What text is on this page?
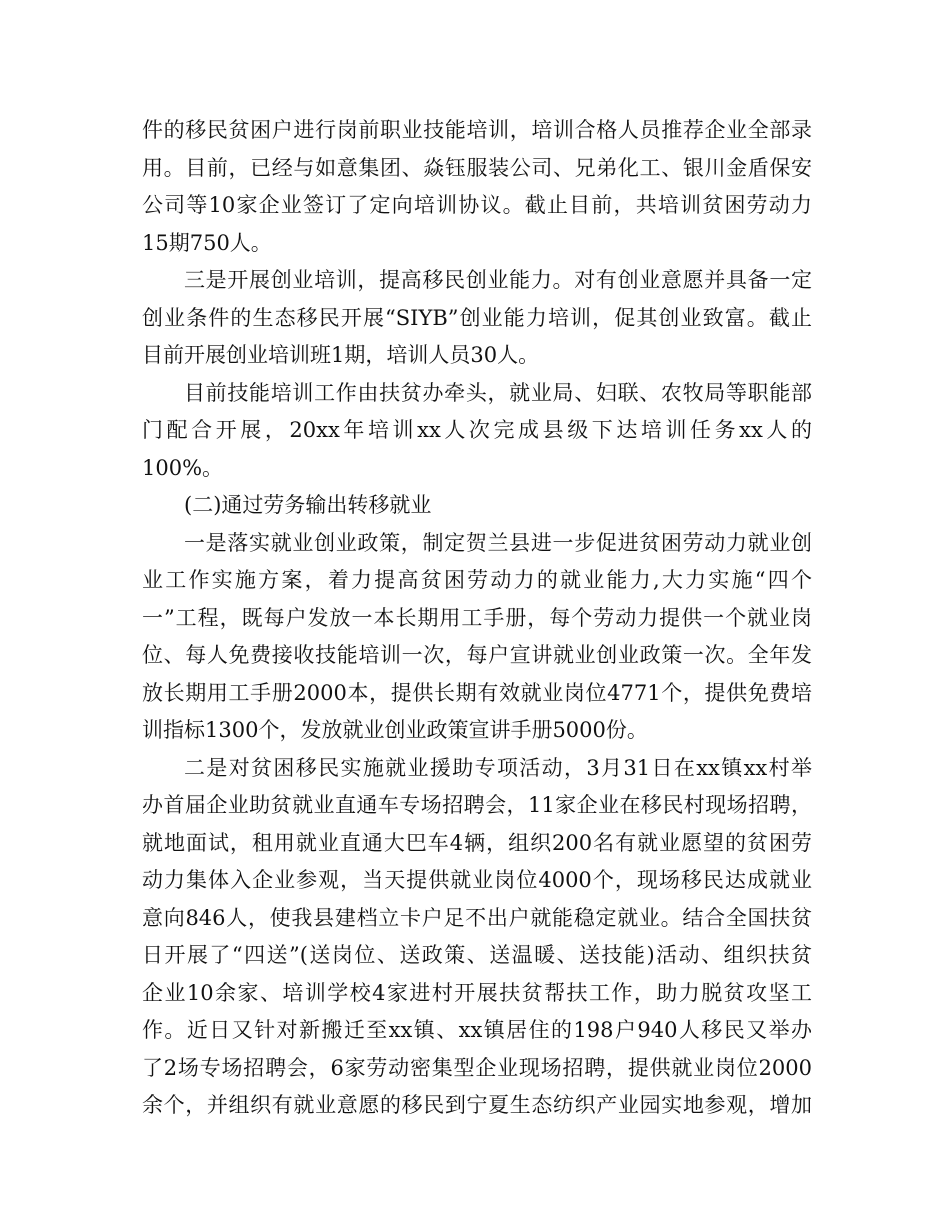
件的移民贫困户进行岗前职业技能培训，培训合格人员推荐企业全部录
用。目前，已经与如意集团、焱钰服装公司、兄弟化工、银川金盾保安
公司等10家企业签订了定向培训协议。截止目前，共培训贫困劳动力
15期750人。
三是开展创业培训，提高移民创业能力。对有创业意愿并具备一定
创业条件的生态移民开展“SIYB”创业能力培训，促其创业致富。截止
目前开展创业培训班1期，培训人员30人。
目前技能培训工作由扶贫办牵头，就业局、妇联、农牧局等职能部
门配合开展，20xx年培训xx人次完成县级下达培训任务xx人的
100%。
(二)通过劳务输出转移就业
一是落实就业创业政策，制定贺兰县进一步促进贫困劳动力就业创
业工作实施方案，着力提高贫困劳动力的就业能力,大力实施“四个
一”工程，既每户发放一本长期用工手册，每个劳动力提供一个就业岗
位、每人免费接收技能培训一次，每户宣讲就业创业政策一次。全年发
放长期用工手册2000本，提供长期有效就业岗位4771个，提供免费培
训指标1300个，发放就业创业政策宣讲手册5000份。
二是对贫困移民实施就业援助专项活动，3月31日在xx镇xx村举
办首届企业助贫就业直通车专场招聘会，11家企业在移民村现场招聘，
就地面试，租用就业直通大巴车4辆，组织200名有就业愿望的贫困劳
动力集体入企业参观，当天提供就业岗位4000个，现场移民达成就业
意向846人，使我县建档立卡户足不出户就能稳定就业。结合全国扶贫
日开展了“四送”(送岗位、送政策、送温暖、送技能)活动、组织扶贫
企业10余家、培训学校4家进村开展扶贫帮扶工作，助力脱贫攻坚工
作。近日又针对新搬迁至xx镇、xx镇居住的198户940人移民又举办
了2场专场招聘会，6家劳动密集型企业现场招聘，提供就业岗位2000
余个，并组织有就业意愿的移民到宁夏生态纺织产业园实地参观，增加
